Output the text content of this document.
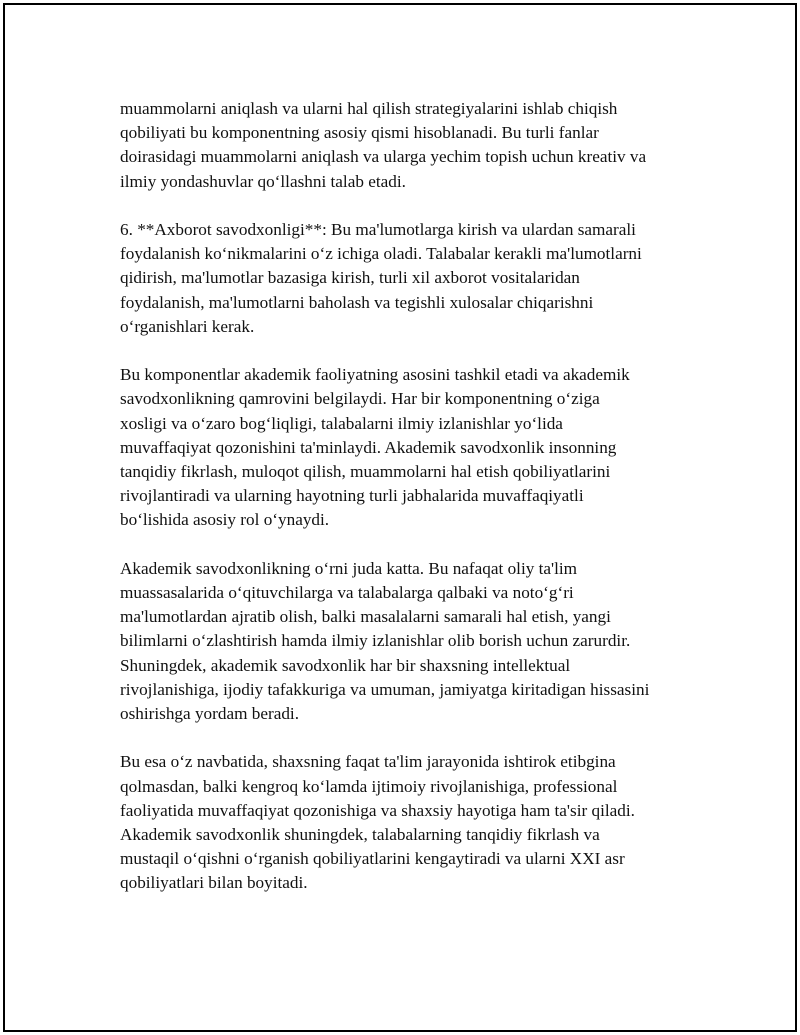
muammolarni aniqlash va ularni hal qilish strategiyalarini ishlab chiqish
qobiliyati bu komponentning asosiy qismi hisoblanadi. Bu turli fanlar
doirasidagi muammolarni aniqlash va ularga yechim topish uchun kreativ va
ilmiy yondashuvlar qo‘llashni talab etadi.

6. **Axborot savodxonligi**: Bu ma'lumotlarga kirish va ulardan samarali
foydalanish ko‘nikmalarini o‘z ichiga oladi. Talabalar kerakli ma'lumotlarni
qidirish, ma'lumotlar bazasiga kirish, turli xil axborot vositalaridan
foydalanish, ma'lumotlarni baholash va tegishli xulosalar chiqarishni
o‘rganishlari kerak.

Bu komponentlar akademik faoliyatning asosini tashkil etadi va akademik
savodxonlikning qamrovini belgilaydi. Har bir komponentning o‘ziga
xosligi va o‘zaro bog‘liqligi, talabalarni ilmiy izlanishlar yo‘lida
muvaffaqiyat qozonishini ta'minlaydi. Akademik savodxonlik insonning
tanqidiy fikrlash, muloqot qilish, muammolarni hal etish qobiliyatlarini
rivojlantiradi va ularning hayotning turli jabhalarida muvaffaqiyatli
bo‘lishida asosiy rol o‘ynaydi.

Akademik savodxonlikning o‘rni juda katta. Bu nafaqat oliy ta'lim
muassasalarida o‘qituvchilarga va talabalarga qalbaki va noto‘g‘ri
ma'lumotlardan ajratib olish, balki masalalarni samarali hal etish, yangi
bilimlarni o‘zlashtirish hamda ilmiy izlanishlar olib borish uchun zarurdir.
Shuningdek, akademik savodxonlik har bir shaxsning intellektual
rivojlanishiga, ijodiy tafakkuriga va umuman, jamiyatga kiritadigan hissasini
oshirishga yordam beradi.

Bu esa o‘z navbatida, shaxsning faqat ta'lim jarayonida ishtirok etibgina
qolmasdan, balki kengroq ko‘lamda ijtimoiy rivojlanishiga, professional
faoliyatida muvaffaqiyat qozonishiga va shaxsiy hayotiga ham ta'sir qiladi.
Akademik savodxonlik shuningdek, talabalarning tanqidiy fikrlash va
mustaqil o‘qishni o‘rganish qobiliyatlarini kengaytiradi va ularni XXI asr
qobiliyatlari bilan boyitadi.
